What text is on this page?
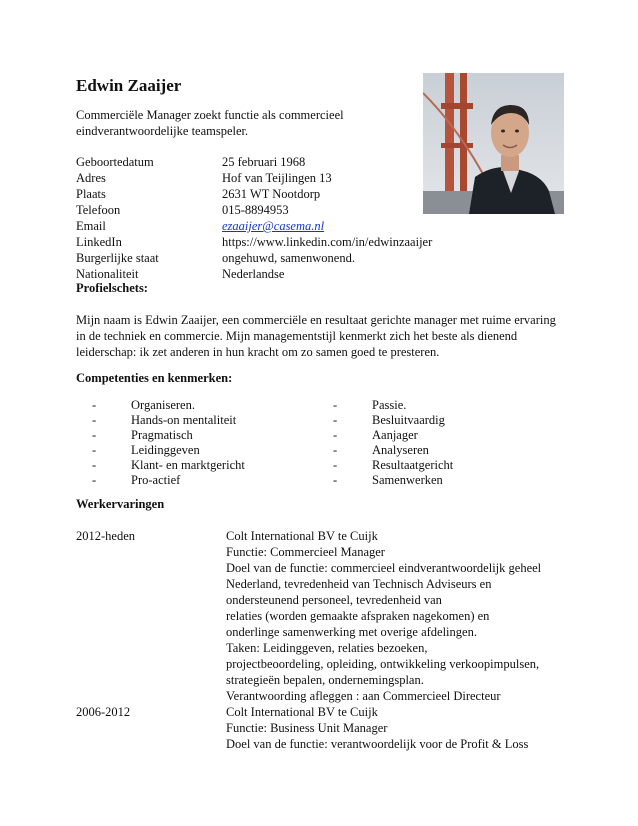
Edwin Zaaijer
Commerciële Manager zoekt functie als commercieel
eindverantwoordelijke teamspeler.
Geboortedatum	25 februari 1968
Adres	Hof van Teijlingen 13
Plaats	2631 WT Nootdorp
Telefoon	015-8894953
Email	ezaaijer@casema.nl
LinkedIn	https://www.linkedin.com/in/edwinzaaijer
Burgerlijke staat	ongehuwd, samenwonend.
Nationaliteit	Nederlandse
Profielschets:
Mijn naam is Edwin Zaaijer, een commerciële en resultaat gerichte manager met ruime ervaring
in de techniek en commercie. Mijn managementstijl kenmerkt zich het beste als dienend
leiderschap: ik zet anderen in hun kracht om zo samen goed te presteren.
Competenties en kenmerken:
-	Organiseren.
-	Hands-on mentaliteit
-	Pragmatisch
-	Leidinggeven
-	Klant- en marktgericht
-	Pro-actief
-	Passie.
-	Besluitvaardig
-	Aanjager
-	Analyseren
-	Resultaatgericht
-	Samenwerken
Werkervaringen
2012-heden	Colt International BV te Cuijk
Functie: Commercieel Manager
Doel van de functie: commercieel eindverantwoordelijk geheel
Nederland, tevredenheid van Technisch Adviseurs en
ondersteunend personeel, tevredenheid van
relaties (worden gemaakte afspraken nagekomen) en
onderlinge samenwerking met overige afdelingen.
Taken: Leidinggeven, relaties bezoeken,
projectbeoordeling, opleiding, ontwikkeling verkoopimpulsen,
strategieën bepalen, ondernemingsplan.
Verantwoording afleggen : aan Commercieel Directeur
2006-2012	Colt International BV te Cuijk
Functie: Business Unit Manager
Doel van de functie: verantwoordelijk voor de Profit & Loss
